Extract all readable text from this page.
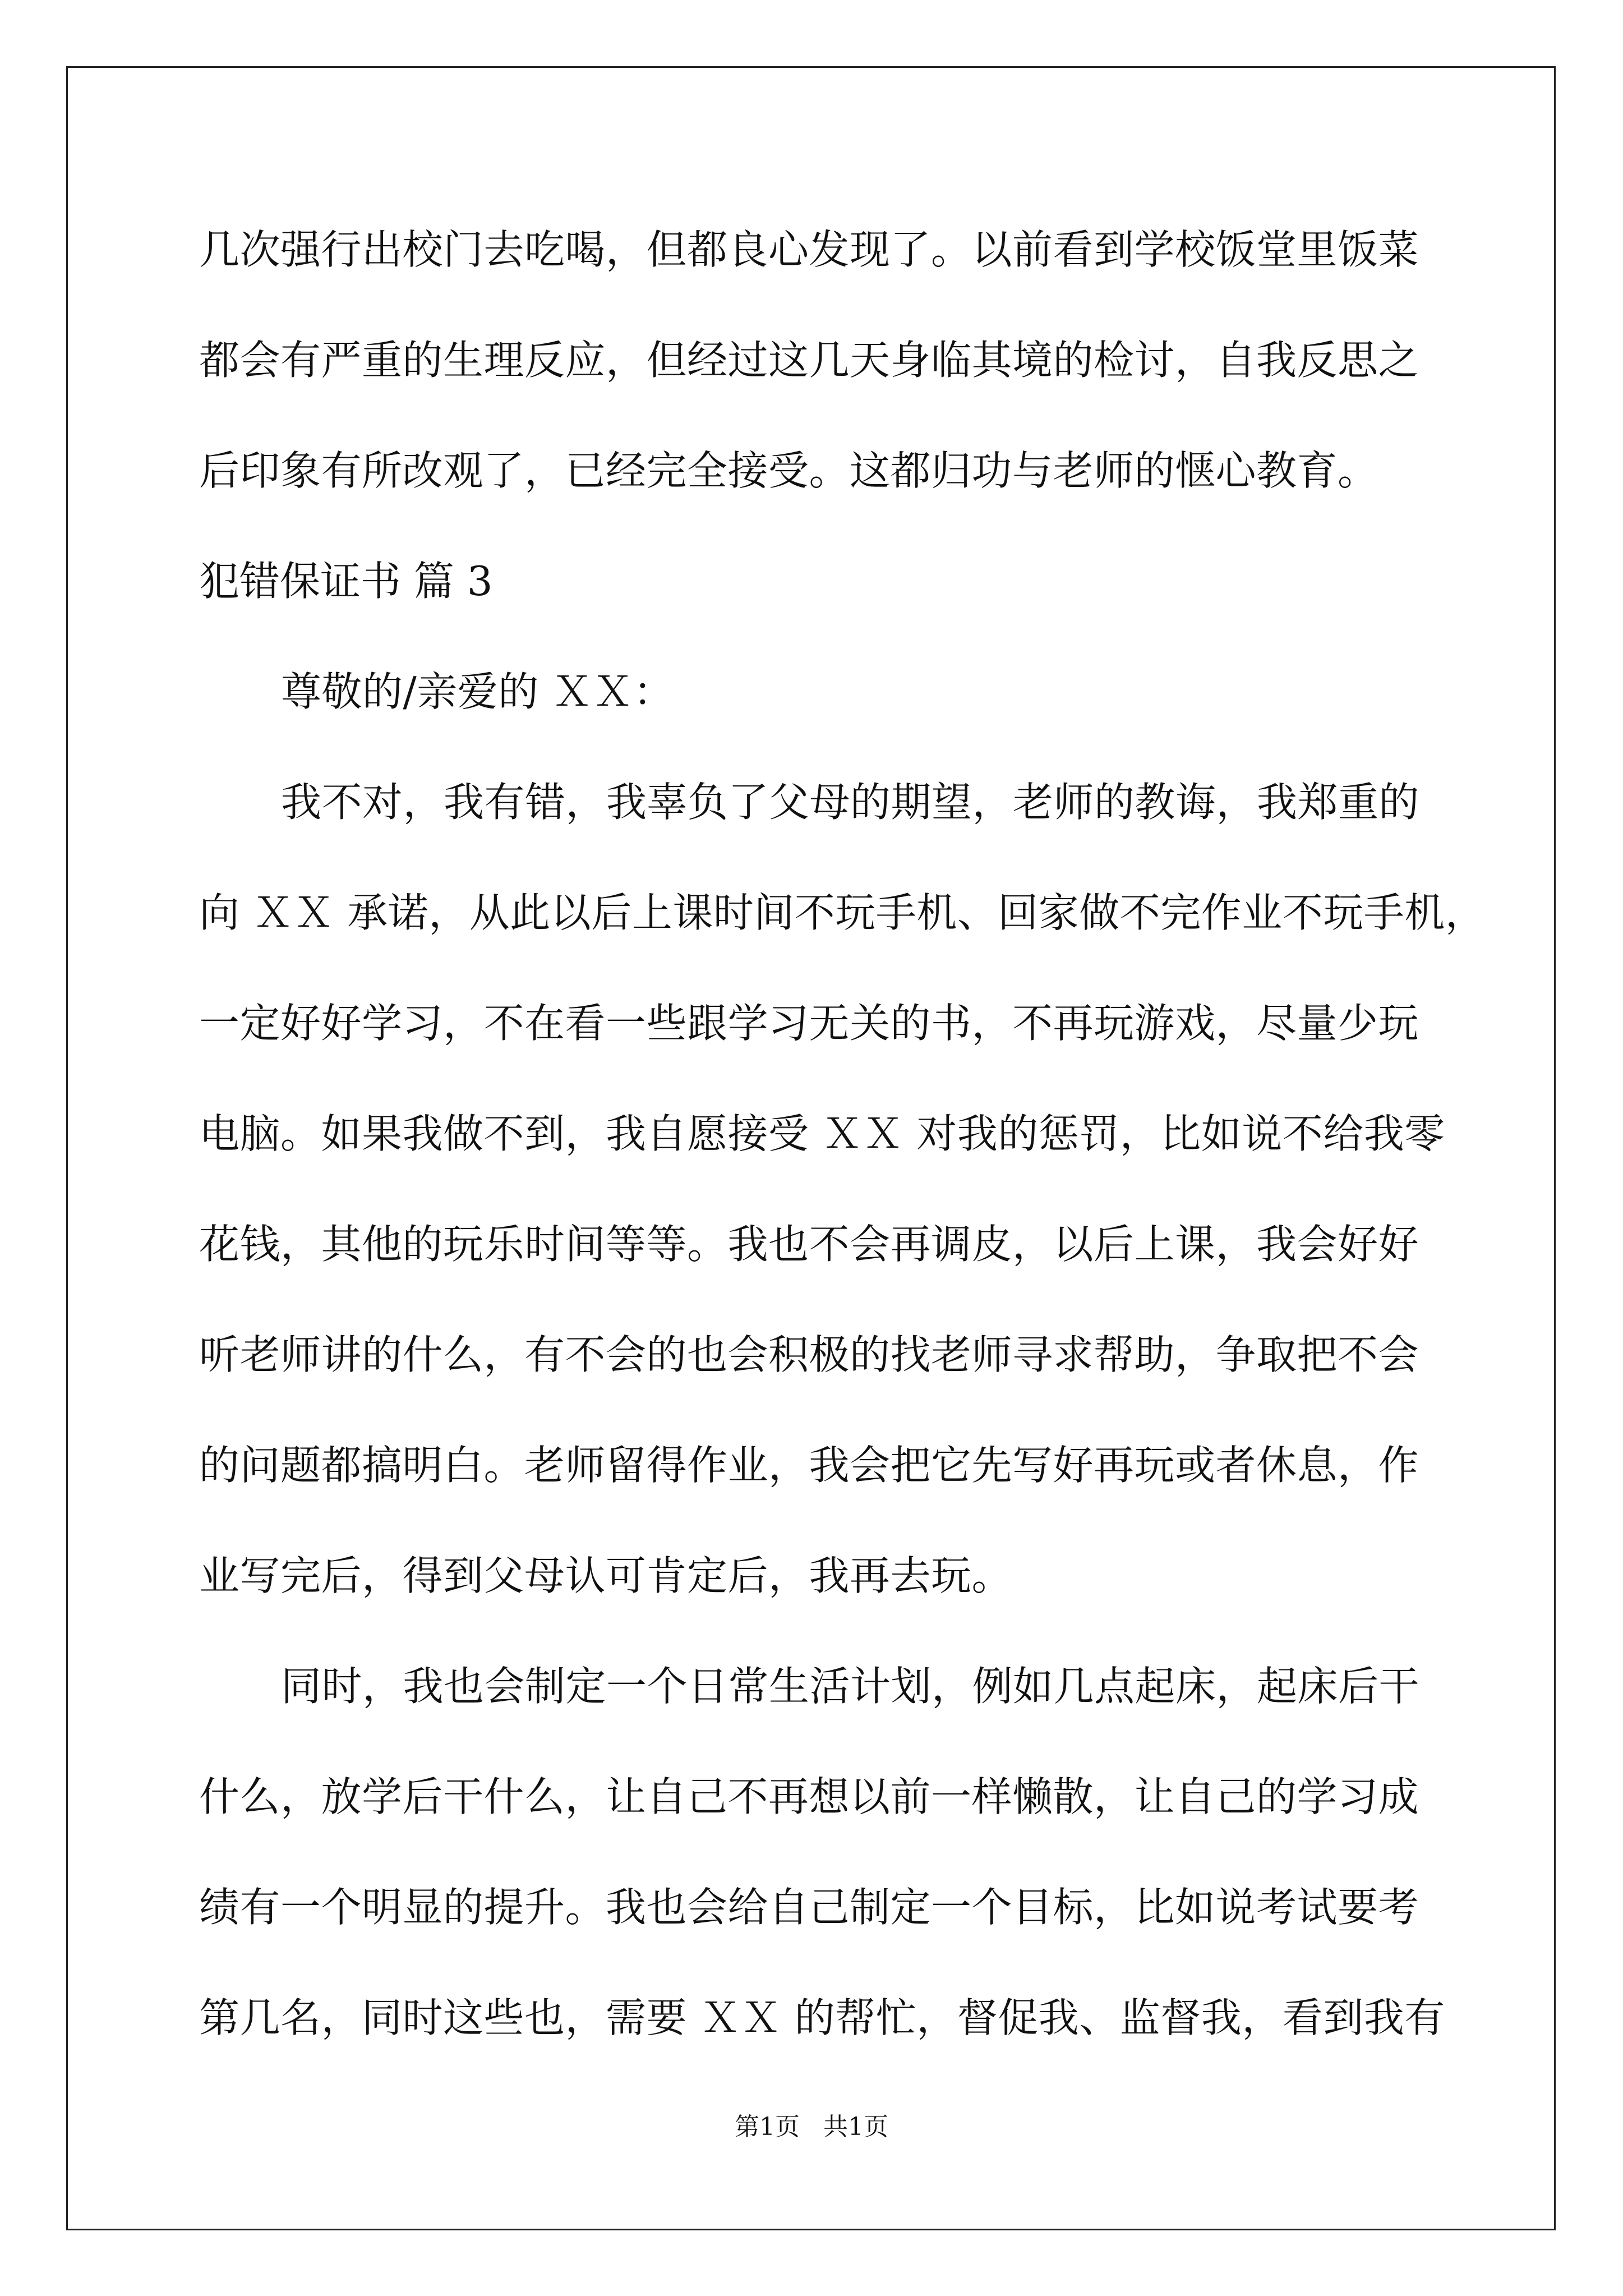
几次强行出校门去吃喝，但都良心发现了。以前看到学校饭堂里饭菜
都会有严重的生理反应，但经过这几天身临其境的检讨，自我反思之
后印象有所改观了，已经完全接受。这都归功与老师的惬心教育。
犯错保证书 篇 3
尊敬的/亲爱的 ＸＸ：
我不对，我有错，我辜负了父母的期望，老师的教诲，我郑重的
向 ＸＸ 承诺，从此以后上课时间不玩手机、回家做不完作业不玩手机，
一定好好学习，不在看一些跟学习无关的书，不再玩游戏，尽量少玩
电脑。如果我做不到，我自愿接受 ＸＸ 对我的惩罚，比如说不给我零
花钱，其他的玩乐时间等等。我也不会再调皮，以后上课，我会好好
听老师讲的什么，有不会的也会积极的找老师寻求帮助，争取把不会
的问题都搞明白。老师留得作业，我会把它先写好再玩或者休息，作
业写完后，得到父母认可肯定后，我再去玩。
同时，我也会制定一个日常生活计划，例如几点起床，起床后干
什么，放学后干什么，让自己不再想以前一样懒散，让自己的学习成
绩有一个明显的提升。我也会给自己制定一个目标，比如说考试要考
第几名，同时这些也，需要 ＸＸ 的帮忙，督促我、监督我，看到我有
第1页   共1页
